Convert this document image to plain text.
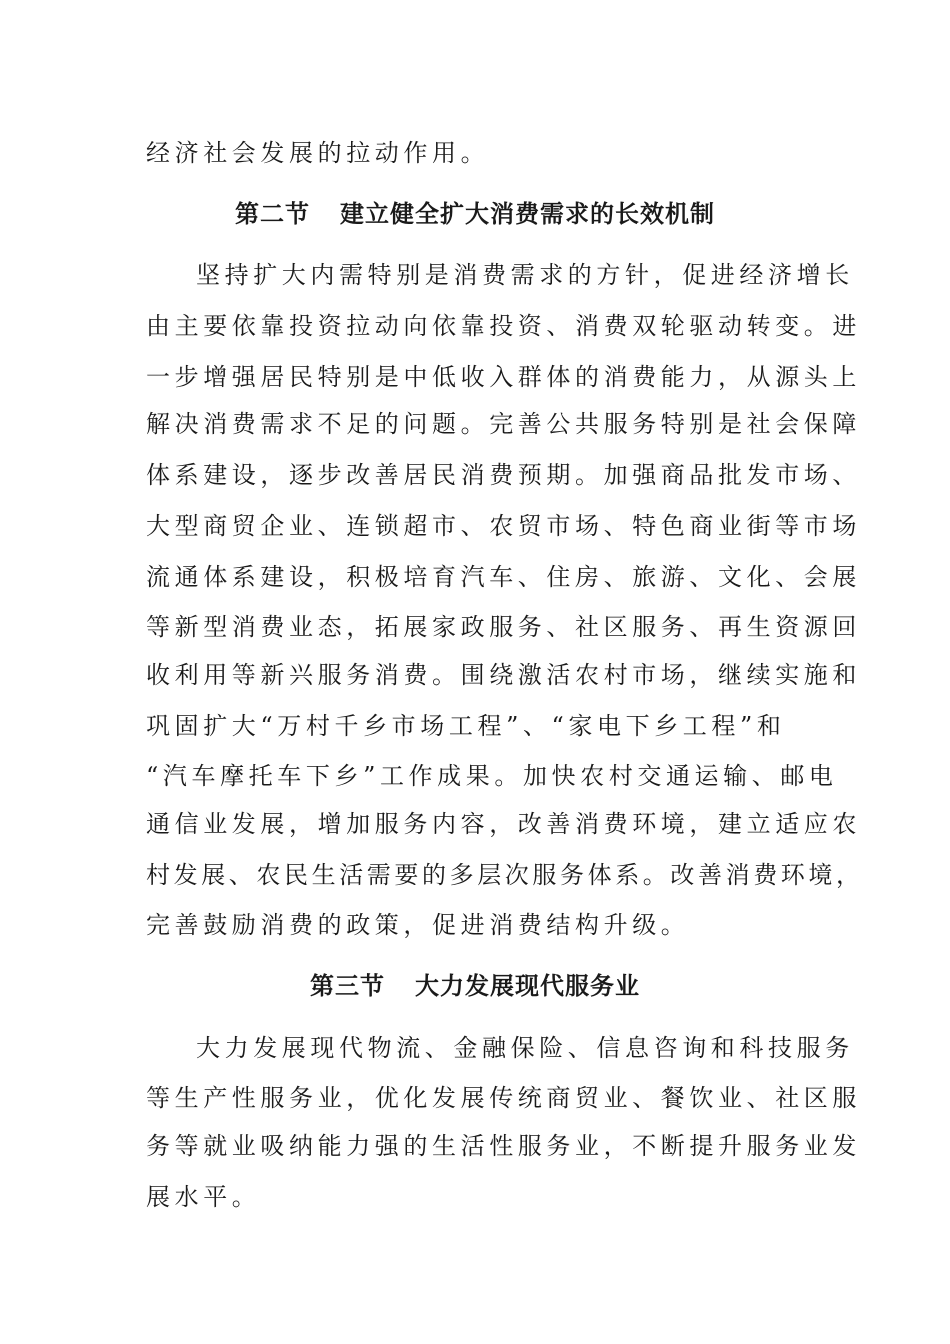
经济社会发展的拉动作用。
第二节 建立健全扩大消费需求的长效机制
坚持扩大内需特别是消费需求的方针，促进经济增长
由主要依靠投资拉动向依靠投资、消费双轮驱动转变。进
一步增强居民特别是中低收入群体的消费能力，从源头上
解决消费需求不足的问题。完善公共服务特别是社会保障
体系建设，逐步改善居民消费预期。加强商品批发市场、
大型商贸企业、连锁超市、农贸市场、特色商业街等市场
流通体系建设，积极培育汽车、住房、旅游、文化、会展
等新型消费业态，拓展家政服务、社区服务、再生资源回
收利用等新兴服务消费。围绕激活农村市场，继续实施和
巩固扩大“万村千乡市场工程”、“家电下乡工程”和
“汽车摩托车下乡”工作成果。加快农村交通运输、邮电
通信业发展，增加服务内容，改善消费环境，建立适应农
村发展、农民生活需要的多层次服务体系。改善消费环境，
完善鼓励消费的政策，促进消费结构升级。
第三节 大力发展现代服务业
大力发展现代物流、金融保险、信息咨询和科技服务
等生产性服务业，优化发展传统商贸业、餐饮业、社区服
务等就业吸纳能力强的生活性服务业，不断提升服务业发
展水平。
